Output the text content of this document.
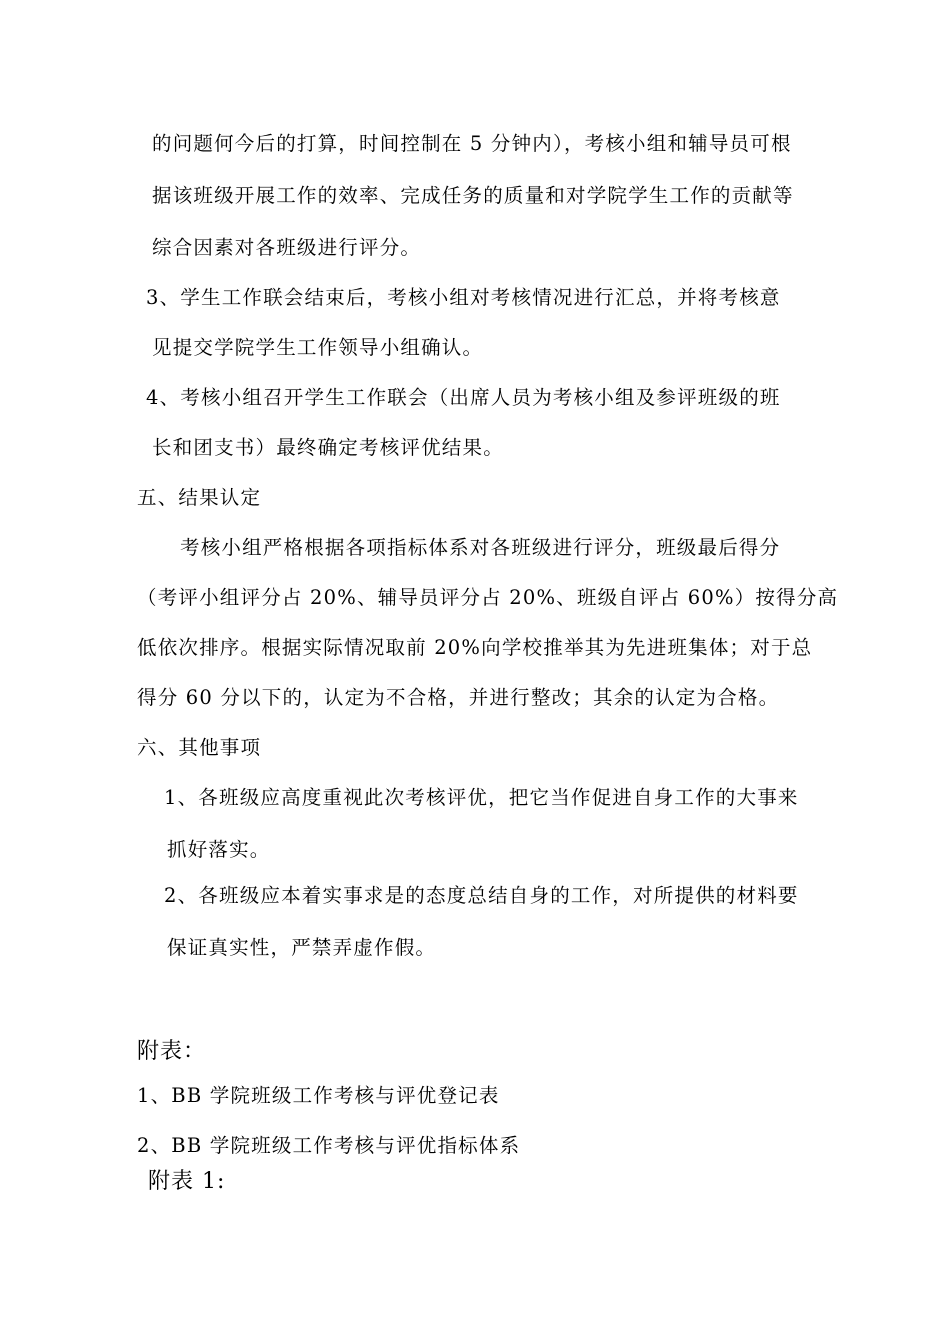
的问题何今后的打算，时间控制在 5 分钟内），考核小组和辅导员可根
据该班级开展工作的效率、完成任务的质量和对学院学生工作的贡献等
综合因素对各班级进行评分。
3、学生工作联会结束后，考核小组对考核情况进行汇总，并将考核意
见提交学院学生工作领导小组确认。
4、考核小组召开学生工作联会（出席人员为考核小组及参评班级的班
长和团支书）最终确定考核评优结果。
五、结果认定
考核小组严格根据各项指标体系对各班级进行评分，班级最后得分
（考评小组评分占 20%、辅导员评分占 20%、班级自评占 60%）按得分高
低依次排序。根据实际情况取前 20%向学校推举其为先进班集体；对于总
得分 60 分以下的，认定为不合格，并进行整改；其余的认定为合格。
六、其他事项
1、各班级应高度重视此次考核评优，把它当作促进自身工作的大事来
抓好落实。
2、各班级应本着实事求是的态度总结自身的工作，对所提供的材料要
保证真实性，严禁弄虚作假。
附表：
1、BB 学院班级工作考核与评优登记表
2、BB 学院班级工作考核与评优指标体系
附表 1:
